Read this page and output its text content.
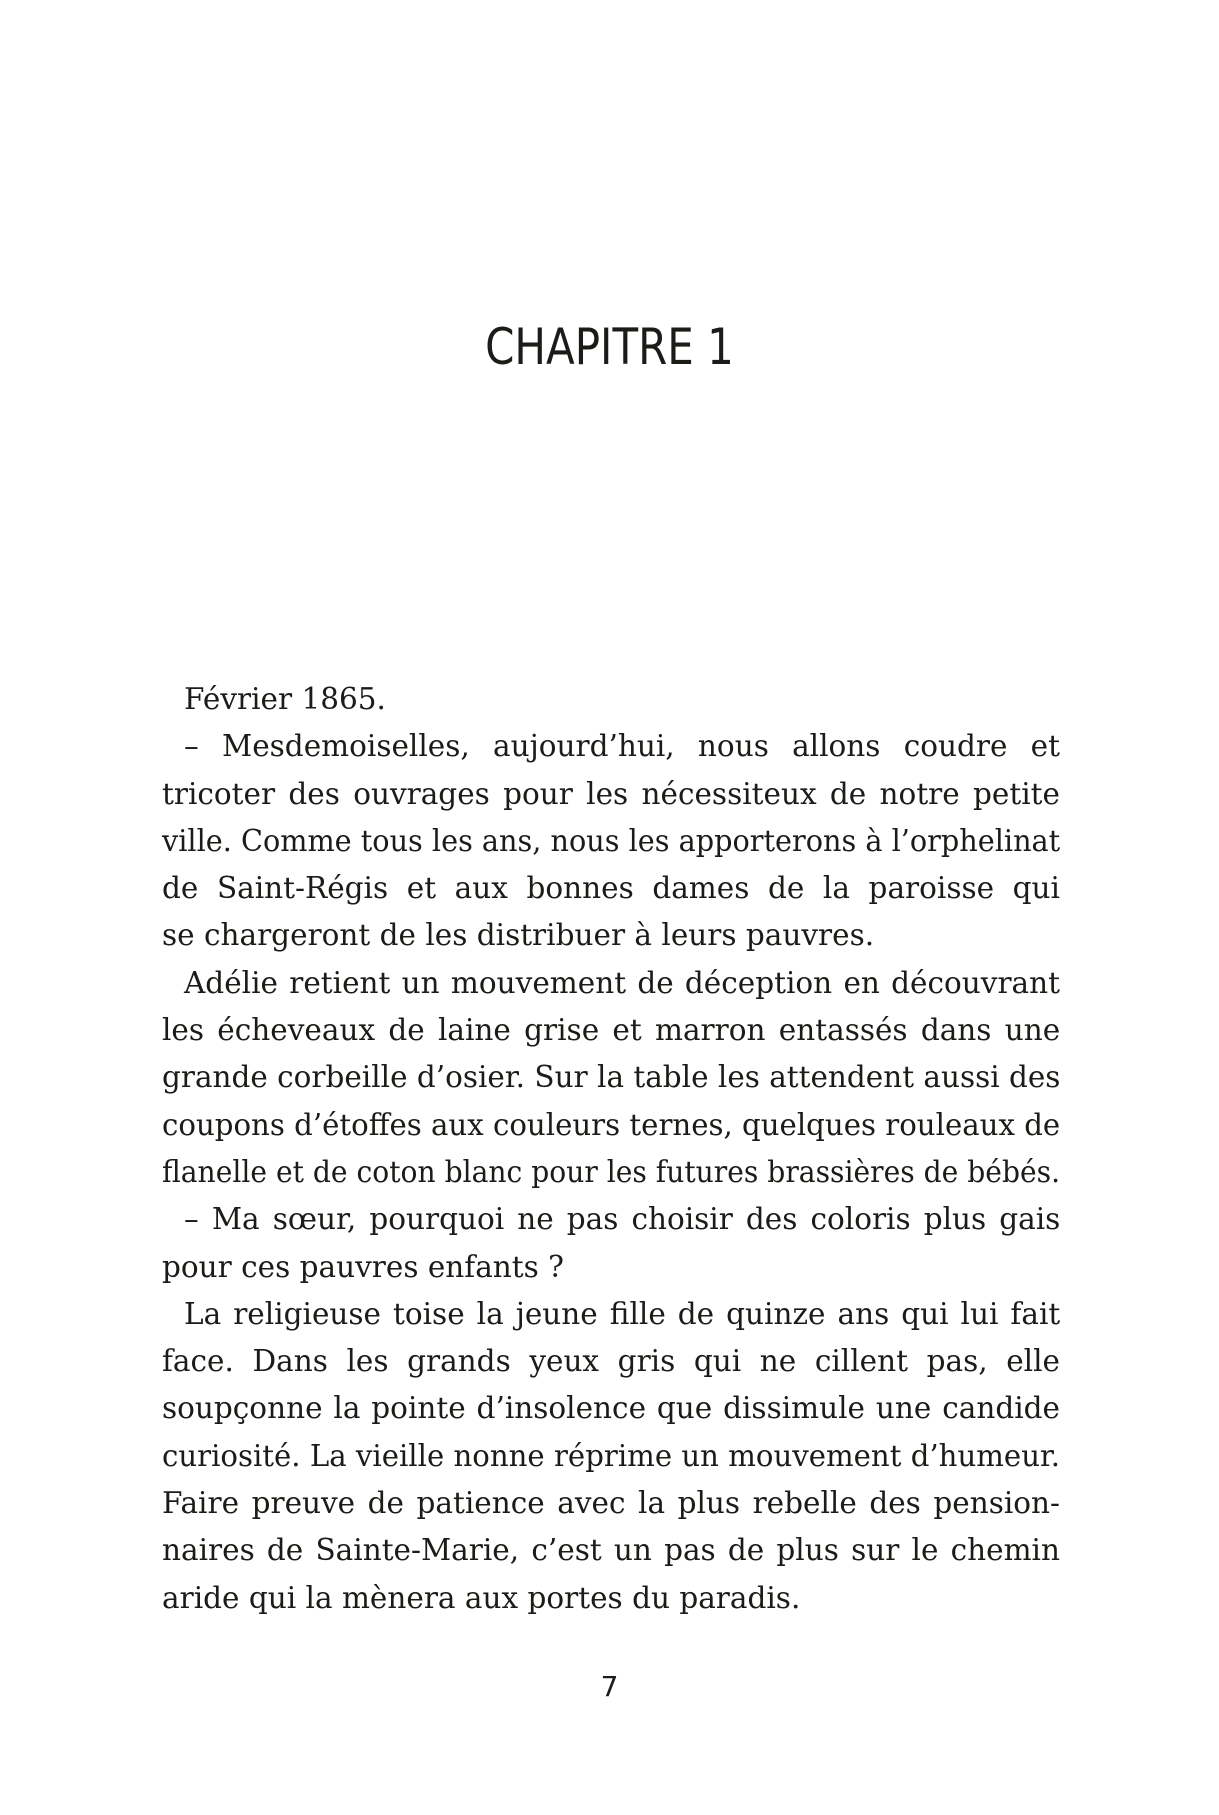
CHAPITRE 1
Février 1865.
– Mesdemoiselles, aujourd’hui, nous allons coudre et
tricoter des ouvrages pour les nécessiteux de notre petite
ville. Comme tous les ans, nous les apporterons à l’orphelinat
de Saint-Régis et aux bonnes dames de la paroisse qui
se chargeront de les distribuer à leurs pauvres.
Adélie retient un mouvement de déception en découvrant
les écheveaux de laine grise et marron entassés dans une
grande corbeille d’osier. Sur la table les attendent aussi des
coupons d’étoffes aux couleurs ternes, quelques rouleaux de
flanelle et de coton blanc pour les futures brassières de bébés.
– Ma sœur, pourquoi ne pas choisir des coloris plus gais
pour ces pauvres enfants ?
La religieuse toise la jeune fille de quinze ans qui lui fait
face. Dans les grands yeux gris qui ne cillent pas, elle
soupçonne la pointe d’insolence que dissimule une candide
curiosité. La vieille nonne réprime un mouvement d’humeur.
Faire preuve de patience avec la plus rebelle des pension-
naires de Sainte-Marie, c’est un pas de plus sur le chemin
aride qui la mènera aux portes du paradis.
7
